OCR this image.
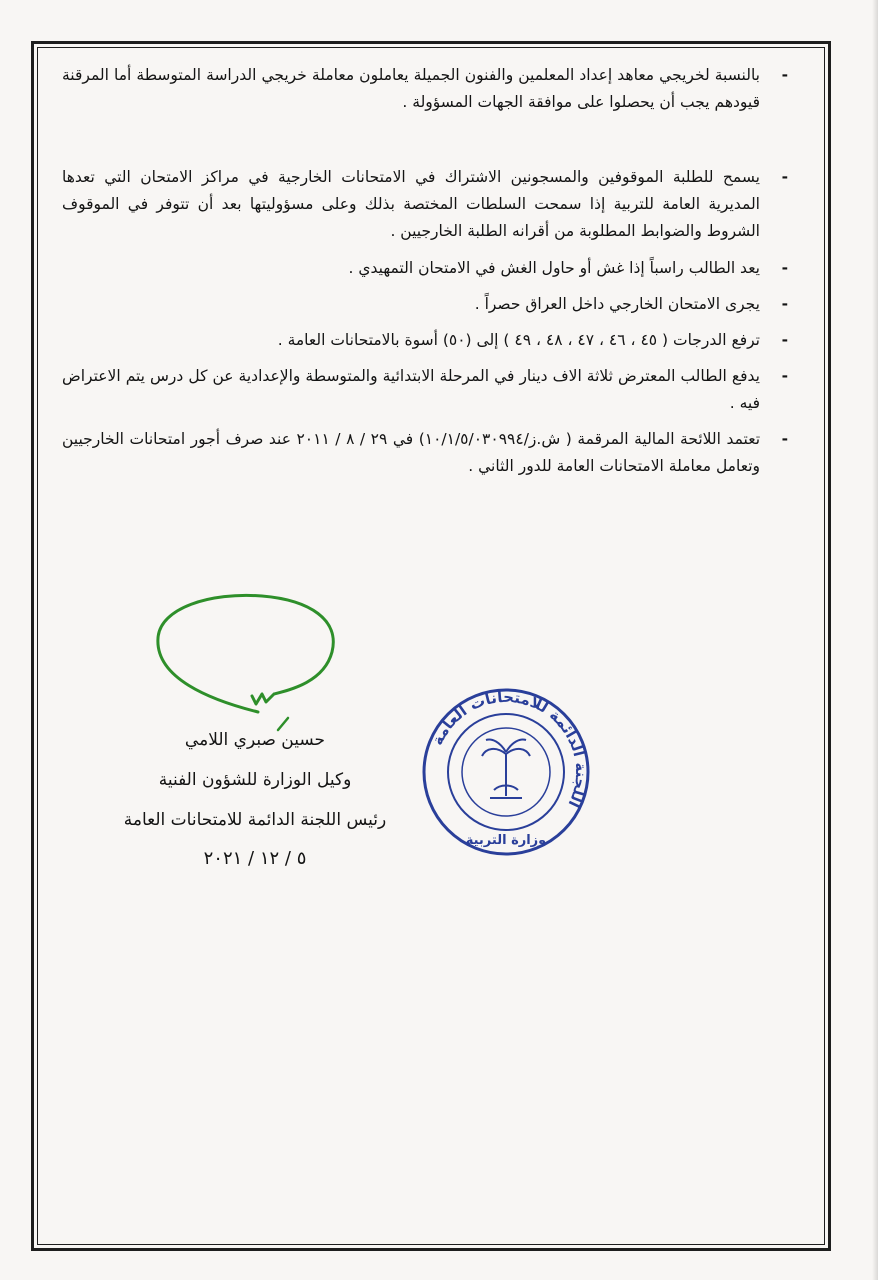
-

بالنسبة لخريجي معاهد إعداد المعلمين والفنون الجميلة يعاملون معاملة خريجي الدراسة المتوسطة أما المرقنة قيودهم يجب أن يحصلوا على موافقة الجهات المسؤولة .

-

يسمح للطلبة الموقوفين والمسجونين الاشتراك في الامتحانات الخارجية في مراكز الامتحان التي تعدها المديرية العامة للتربية إذا سمحت السلطات المختصة بذلك وعلى مسؤوليتها بعد أن تتوفر في الموقوف الشروط والضوابط المطلوبة من أقرانه الطلبة الخارجيين .

-

يعد الطالب راسباً إذا غش أو حاول الغش في الامتحان التمهيدي .

-

يجرى الامتحان الخارجي داخل العراق حصراً .

-

ترفع الدرجات ( ٤٥ ، ٤٦ ، ٤٧ ، ٤٨ ، ٤٩ ) إلى (٥٠) أسوة بالامتحانات العامة .

-

يدفع الطالب المعترض ثلاثة الاف دينار في المرحلة الابتدائية والمتوسطة والإعدادية عن كل درس يتم الاعتراض فيه .

-

تعتمد اللائحة المالية المرقمة ( ش.ز/١٠/١/٥/٠٣٠٩٩٤) في ٢٩ / ٨ / ٢٠١١ عند صرف أجور امتحانات الخارجيين وتعامل معاملة الامتحانات العامة للدور الثاني .

حسين صبري اللامي
وكيل الوزارة للشؤون الفنية
رئيس اللجنة الدائمة للامتحانات العامة
٥ / ١٢ / ٢٠٢١
اللجنة الدائمة للامتحانات العامة
وزارة التربية
